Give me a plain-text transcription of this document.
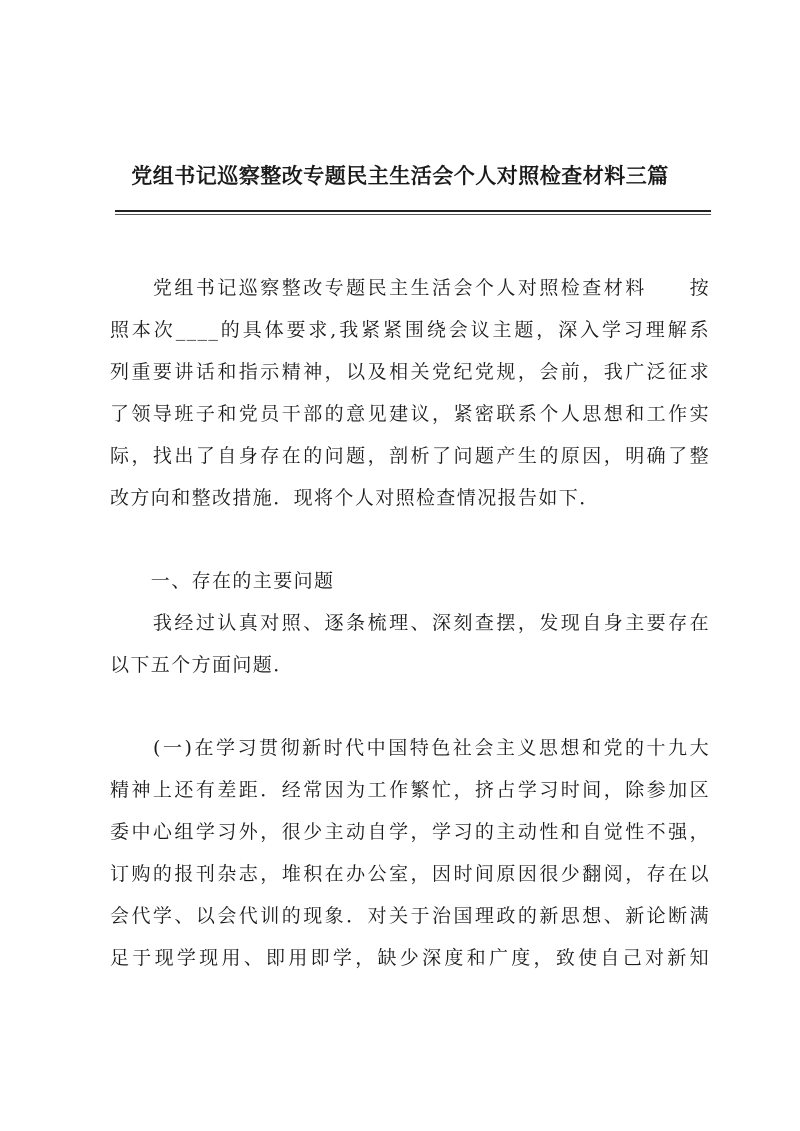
党组书记巡察整改专题民主生活会个人对照检查材料三篇
　　党组书记巡察整改专题民主生活会个人对照检查材料　　按
照本次____的具体要求,我紧紧围绕会议主题，深入学习理解系
列重要讲话和指示精神，以及相关党纪党规，会前，我广泛征求
了领导班子和党员干部的意见建议，紧密联系个人思想和工作实
际，找出了自身存在的问题，剖析了问题产生的原因，明确了整
改方向和整改措施．现将个人对照检查情况报告如下．
　　一、存在的主要问题
　　我经过认真对照、逐条梳理、深刻查摆，发现自身主要存在
以下五个方面问题．
　　(一)在学习贯彻新时代中国特色社会主义思想和党的十九大
精神上还有差距．经常因为工作繁忙，挤占学习时间，除参加区
委中心组学习外，很少主动自学，学习的主动性和自觉性不强，
订购的报刊杂志，堆积在办公室，因时间原因很少翻阅，存在以
会代学、以会代训的现象．对关于治国理政的新思想、新论断满
足于现学现用、即用即学，缺少深度和广度，致使自己对新知
